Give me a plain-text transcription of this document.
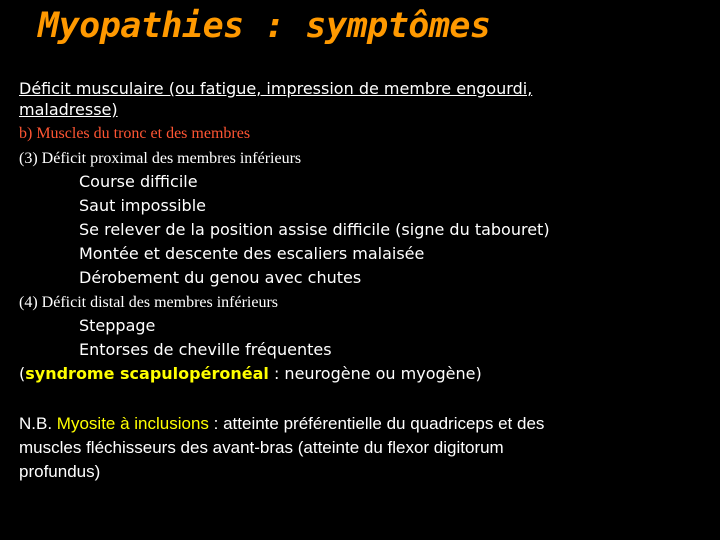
Myopathies : symptômes
Déficit musculaire (ou fatigue, impression de membre engourdi,
maladresse)
b) Muscles du tronc et des membres
(3) Déficit proximal des membres inférieurs
Course difficile
Saut impossible
Se relever de la position assise difficile (signe du tabouret)
Montée et descente des escaliers malaisée
Dérobement du genou avec chutes
(4) Déficit distal des membres inférieurs
Steppage
Entorses de cheville fréquentes
(syndrome scapulopéronéal : neurogène ou myogène)
N.B. Myosite à inclusions : atteinte préférentielle du quadriceps et des
muscles fléchisseurs des avant-bras (atteinte du flexor digitorum
profundus)
